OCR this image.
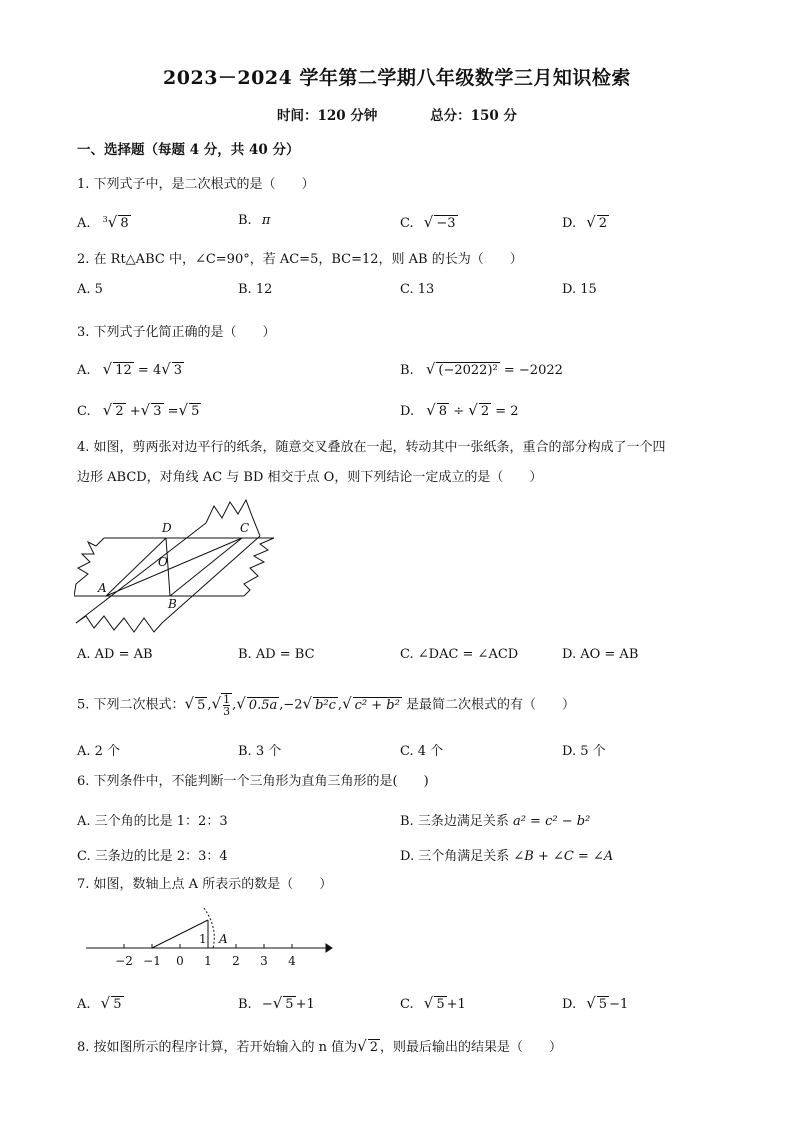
2023－2024 学年第二学期八年级数学三月知识检索
时间：120 分钟	总分：150 分
一、选择题（每题 4 分，共 40 分）
1. 下列式子中，是二次根式的是（　　）
A. $^3$√ 8	B. π	C. √ −3	D. √ 2
2. 在 Rt△ABC 中，∠C=90°，若 AC=5，BC=12，则 AB 的长为（　　）
A. 5	B. 12	C. 13	D. 15
3. 下列式子化简正确的是（　　）
A. √ 12 = 4√ 3	B. √ (−2022)² = −2022
C. √ 2 +√ 3 =√ 5	D. √ 8 ÷ √ 2 = 2
4. 如图，剪两张对边平行的纸条，随意交叉叠放在一起，转动其中一张纸条，重合的部分构成了一个四
边形 ABCD，对角线 AC 与 BD 相交于点 O，则下列结论一定成立的是（　　）
A
B
C
D
O
A. AD = AB	B. AD = BC	C. ∠DAC = ∠ACD	D. AO = AB
5. 下列二次根式：√ 5 ,√ $\frac{1}{3}$ ,√ 0.5a ,−2√ b²c ,√ c² + b² 是最简二次根式的有（　　）
A. 2 个	B. 3 个	C. 4 个	D. 5 个
6. 下列条件中，不能判断一个三角形为直角三角形的是(　　)
A. 三个角的比是 1：2：3	B. 三条边满足关系 a² = c² − b²
C. 三条边的比是 2：3：4	D. 三个角满足关系 ∠B + ∠C = ∠A
7. 如图，数轴上点 A 所表示的数是（　　）
−2 −1 0 1 2 3 4
1 A
A. √ 5	B. −√ 5 +1	C. √ 5 +1	D. √ 5 −1
8. 按如图所示的程序计算，若开始输入的 n 值为√ 2 ，则最后输出的结果是（　　）
